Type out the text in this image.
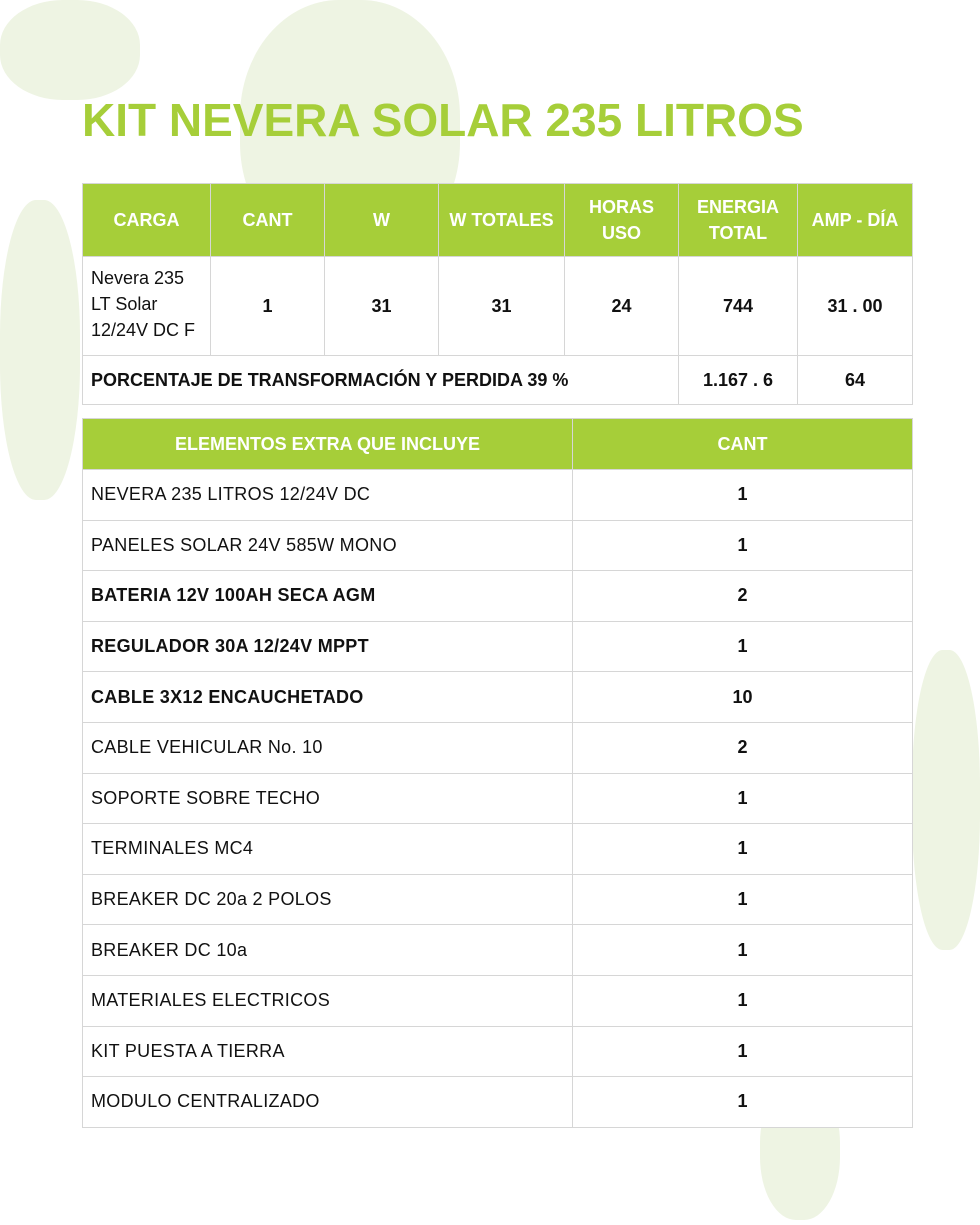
KIT NEVERA SOLAR 235 LITROS
CARGA	CANT	W	W TOTALES	HORAS USO	ENERGIA TOTAL	AMP - DÍA

Nevera 235 LT Solar 12/24V DC F	1	31	31	24	744	31 . 00
PORCENTAJE DE TRANSFORMACIÓN Y PERDIDA 39 %					1.167 . 6	64
ELEMENTOS EXTRA QUE INCLUYE	CANT
NEVERA 235 LITROS 12/24V DC	1
PANELES SOLAR 24V 585W MONO	1
BATERIA 12V 100AH SECA AGM	2
REGULADOR 30A 12/24V MPPT	1
CABLE 3X12 ENCAUCHETADO	10
CABLE VEHICULAR No. 10	2
SOPORTE SOBRE TECHO	1
TERMINALES MC4	1
BREAKER DC 20a 2 POLOS	1
BREAKER DC 10a	1
MATERIALES ELECTRICOS	1
KIT PUESTA A TIERRA	1
MODULO CENTRALIZADO	1
